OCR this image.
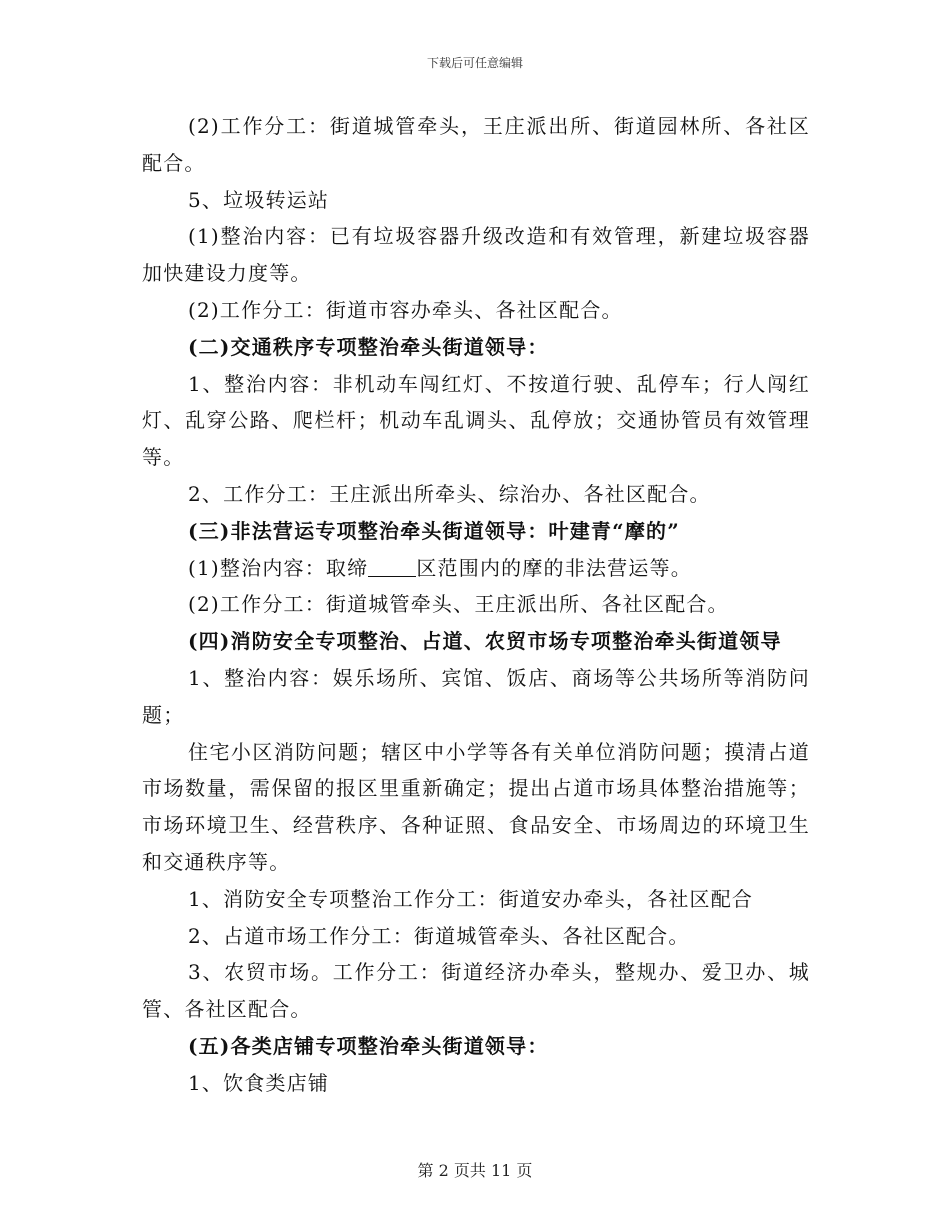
下载后可任意编辑

(2)工作分工：街道城管牵头，王庄派出所、街道园林所、各社区配合。

5、垃圾转运站

(1)整治内容：已有垃圾容器升级改造和有效管理，新建垃圾容器加快建设力度等。

(2)工作分工：街道市容办牵头、各社区配合。

(二)交通秩序专项整治牵头街道领导：

1、整治内容：非机动车闯红灯、不按道行驶、乱停车；行人闯红灯、乱穿公路、爬栏杆；机动车乱调头、乱停放；交通协管员有效管理等。

2、工作分工：王庄派出所牵头、综治办、各社区配合。

(三)非法营运专项整治牵头街道领导：叶建青“摩的”

(1)整治内容：取缔 区范围内的摩的非法营运等。

(2)工作分工：街道城管牵头、王庄派出所、各社区配合。

(四)消防安全专项整治、占道、农贸市场专项整治牵头街道领导

1、整治内容：娱乐场所、宾馆、饭店、商场等公共场所等消防问题；

住宅小区消防问题；辖区中小学等各有关单位消防问题；摸清占道市场数量，需保留的报区里重新确定；提出占道市场具体整治措施等；市场环境卫生、经营秩序、各种证照、食品安全、市场周边的环境卫生和交通秩序等。

1、消防安全专项整治工作分工：街道安办牵头，各社区配合

2、占道市场工作分工：街道城管牵头、各社区配合。

3、农贸市场。工作分工：街道经济办牵头，整规办、爱卫办、城管、各社区配合。

(五)各类店铺专项整治牵头街道领导：

1、饮食类店铺

第 2 页共 11 页
